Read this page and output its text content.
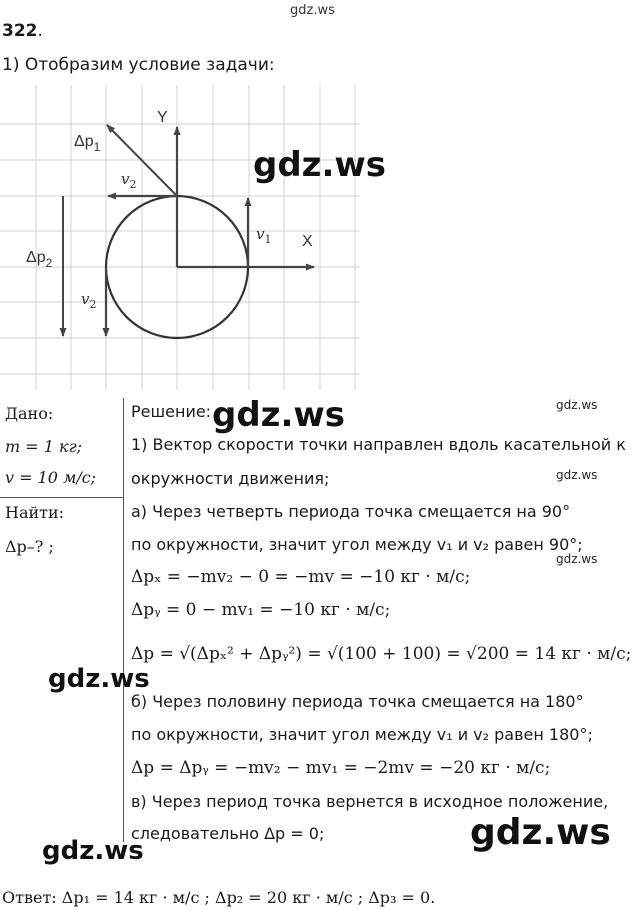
gdz.ws
322.
1) Отобразим условие задачи:
Y
X
$\Delta p_1$
$v_2$
$v_1$
$\Delta p_2$
$v_2$
gdz.ws
Дано:
m = 1 кг;
v = 10 м/с;
Найти:
Δp–? ;
Решение:
1) Вектор скорости точки направлен вдоль касательной к
окружности движения;
а) Через четверть периода точка смещается на 90°
по окружности, значит угол между v₁ и v₂ равен 90°;
Δpₓ = −mv₂ − 0 = −mv = −10 кг · м/с;
Δpᵧ = 0 − mv₁ = −10 кг · м/с;
Δp = √(Δpₓ² + Δpᵧ²) = √(100 + 100) = √200 = 14 кг · м/с;
б) Через половину периода точка смещается на 180°
по окружности, значит угол между v₁ и v₂ равен 180°;
Δp = Δpᵧ = −mv₂ − mv₁ = −2mv = −20 кг · м/с;
в) Через период точка вернется в исходное положение,
следовательно Δp = 0;
gdz.ws	gdz.ws
gdz.ws
gdz.ws
gdz.ws
gdz.ws
gdz.ws
Ответ: Δp₁ = 14 кг · м/с ; Δp₂ = 20 кг · м/с ; Δp₃ = 0.
